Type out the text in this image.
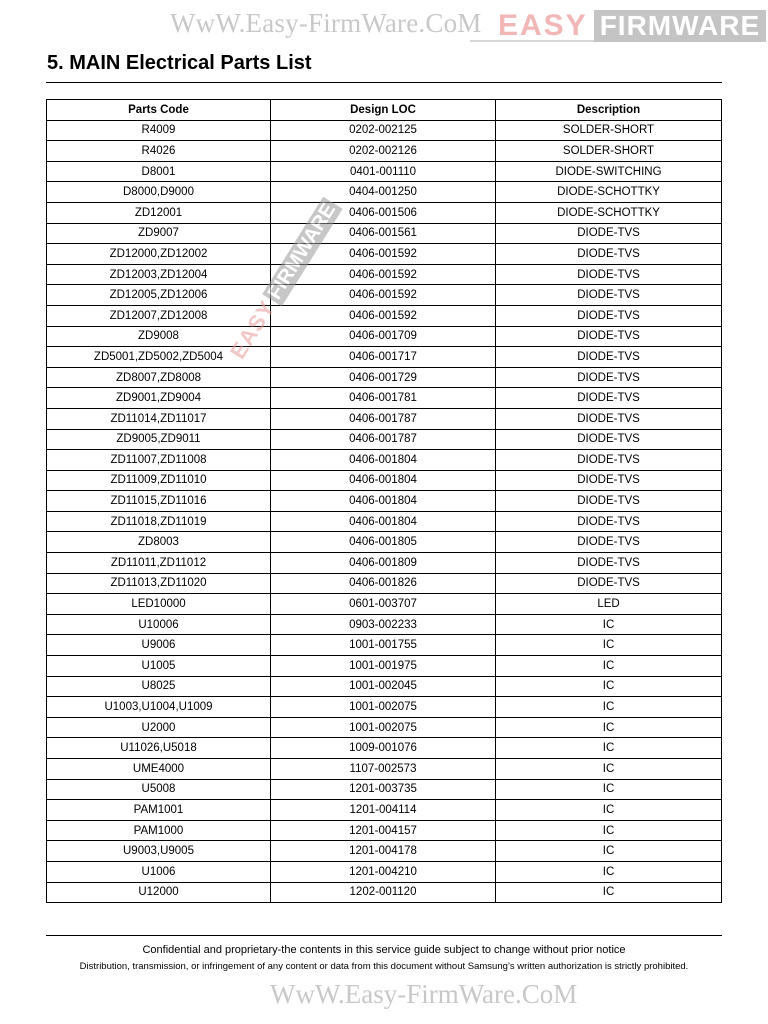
WwW.Easy-FirmWare.CoM EASY FIRMWARE
5. MAIN Electrical Parts List
Parts Code	Design LOC	Description
R4009	0202-002125	SOLDER-SHORT
R4026	0202-002126	SOLDER-SHORT
D8001	0401-001110	DIODE-SWITCHING
D8000,D9000	0404-001250	DIODE-SCHOTTKY
ZD12001	0406-001506	DIODE-SCHOTTKY
ZD9007	0406-001561	DIODE-TVS
ZD12000,ZD12002	0406-001592	DIODE-TVS
ZD12003,ZD12004	0406-001592	DIODE-TVS
ZD12005,ZD12006	0406-001592	DIODE-TVS
ZD12007,ZD12008	0406-001592	DIODE-TVS
ZD9008	0406-001709	DIODE-TVS
ZD5001,ZD5002,ZD5004	0406-001717	DIODE-TVS
ZD8007,ZD8008	0406-001729	DIODE-TVS
ZD9001,ZD9004	0406-001781	DIODE-TVS
ZD11014,ZD11017	0406-001787	DIODE-TVS
ZD9005,ZD9011	0406-001787	DIODE-TVS
ZD11007,ZD11008	0406-001804	DIODE-TVS
ZD11009,ZD11010	0406-001804	DIODE-TVS
ZD11015,ZD11016	0406-001804	DIODE-TVS
ZD11018,ZD11019	0406-001804	DIODE-TVS
ZD8003	0406-001805	DIODE-TVS
ZD11011,ZD11012	0406-001809	DIODE-TVS
ZD11013,ZD11020	0406-001826	DIODE-TVS
LED10000	0601-003707	LED
U10006	0903-002233	IC
U9006	1001-001755	IC
U1005	1001-001975	IC
U8025	1001-002045	IC
U1003,U1004,U1009	1001-002075	IC
U2000	1001-002075	IC
U11026,U5018	1009-001076	IC
UME4000	1107-002573	IC
U5008	1201-003735	IC
PAM1001	1201-004114	IC
PAM1000	1201-004157	IC
U9003,U9005	1201-004178	IC
U1006	1201-004210	IC
U12000	1202-001120	IC
EASY
FIRMWARE
Confidential and proprietary-the contents in this service guide subject to change without prior notice
Distribution, transmission, or infringement of any content or data from this document without Samsung’s written authorization is strictly prohibited.
WwW.Easy-FirmWare.CoM
